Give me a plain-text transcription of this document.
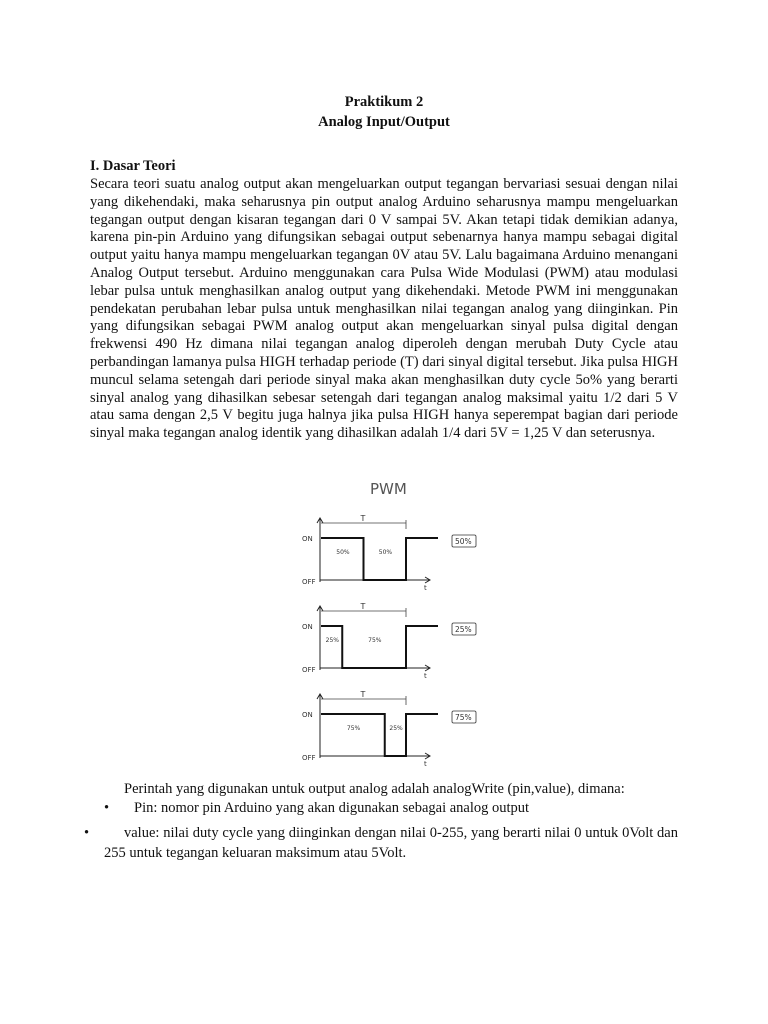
Praktikum 2
Analog Input/Output
I. Dasar Teori
Secara teori suatu analog output akan mengeluarkan output tegangan bervariasi sesuai dengan nilai yang dikehendaki, maka seharusnya pin output analog Arduino seharusnya mampu mengeluarkan tegangan output dengan kisaran tegangan dari 0 V sampai 5V. Akan tetapi tidak demikian adanya, karena pin-pin Arduino yang difungsikan sebagai output sebenarnya hanya mampu sebagai digital output yaitu hanya mampu mengeluarkan tegangan 0V atau 5V. Lalu bagaimana Arduino menangani Analog Output tersebut. Arduino menggunakan cara Pulsa Wide Modulasi (PWM) atau modulasi lebar pulsa untuk menghasilkan analog output yang dikehendaki. Metode PWM ini menggunakan pendekatan perubahan lebar pulsa untuk menghasilkan nilai tegangan analog yang diinginkan. Pin yang difungsikan sebagai PWM analog output akan mengeluarkan sinyal pulsa digital dengan frekwensi 490 Hz dimana nilai tegangan analog diperoleh dengan merubah Duty Cycle atau perbandingan lamanya pulsa HIGH terhadap periode (T) dari sinyal digital tersebut. Jika pulsa HIGH muncul selama setengah dari periode sinyal maka akan menghasilkan duty cycle 5o% yang berarti sinyal analog yang dihasilkan sebesar setengah dari tegangan analog maksimal yaitu 1/2 dari 5 V atau sama dengan 2,5 V begitu juga halnya jika pulsa HIGH hanya seperempat bagian dari periode sinyal maka tegangan analog identik yang dihasilkan adalah 1/4 dari 5V = 1,25 V dan seterusnya.
PWM
ON
OFF
t
T
50%	50%
50%
ON
OFF
t
T
25%	75%
25%
ON
OFF
t
T
75%	25%
75%
Perintah yang digunakan untuk output analog adalah analogWrite (pin,value), dimana:
• Pin: nomor pin Arduino yang akan digunakan sebagai analog output
• value: nilai duty cycle yang diinginkan dengan nilai 0-255, yang berarti nilai 0 untuk 0Volt dan 255 untuk tegangan keluaran maksimum atau 5Volt.
